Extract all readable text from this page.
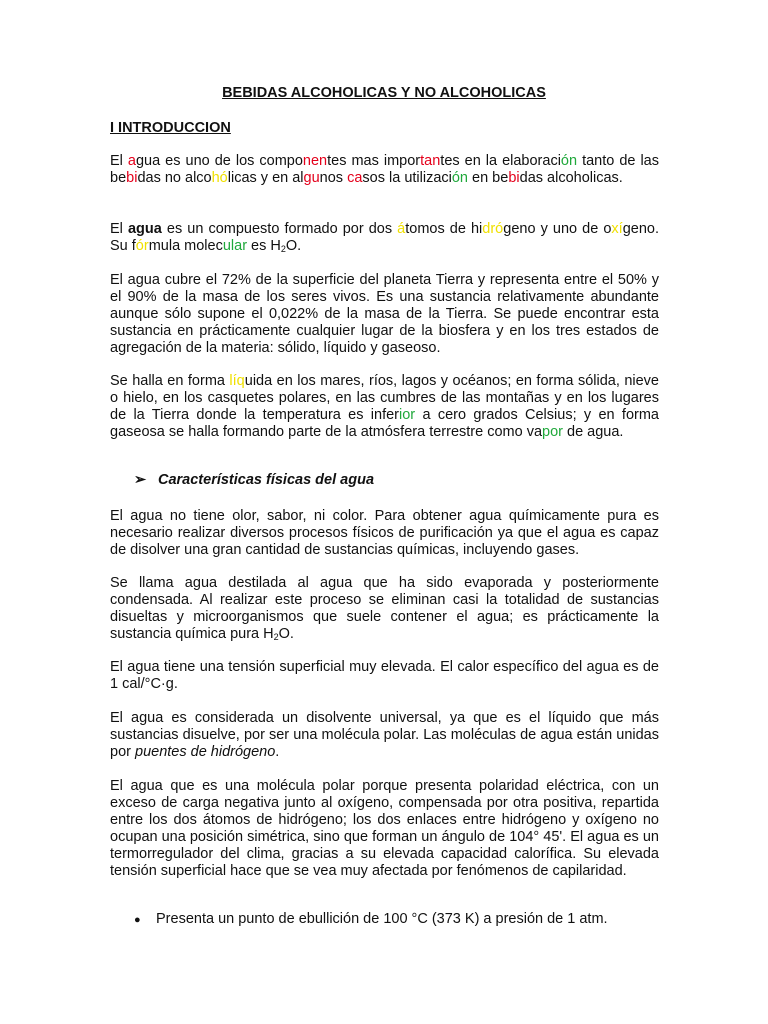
BEBIDAS ALCOHOLICAS Y NO ALCOHOLICAS
I INTRODUCCION

El agua es uno de los componentes mas importantes en la elaboración tanto de las bebidas no alcohólicas y en algunos casos la utilización en bebidas alcoholicas.

El agua es un compuesto formado por dos átomos de hidrógeno y uno de oxígeno. Su fórmula molecular es $H_2O$.

El agua cubre el 72% de la superficie del planeta Tierra y representa entre el 50% y el 90% de la masa de los seres vivos. Es una sustancia relativamente abundante aunque sólo supone el 0,022% de la masa de la Tierra. Se puede encontrar esta sustancia en prácticamente cualquier lugar de la biosfera y en los tres estados de agregación de la materia: sólido, líquido y gaseoso.

Se halla en forma líquida en los mares, ríos, lagos y océanos; en forma sólida, nieve o hielo, en los casquetes polares, en las cumbres de las montañas y en los lugares de la Tierra donde la temperatura es inferior a cero grados Celsius; y en forma gaseosa se halla formando parte de la atmósfera terrestre como vapor de agua.

➢ Características físicas del agua

El agua no tiene olor, sabor, ni color. Para obtener agua químicamente pura es necesario realizar diversos procesos físicos de purificación ya que el agua es capaz de disolver una gran cantidad de sustancias químicas, incluyendo gases.

Se llama agua destilada al agua que ha sido evaporada y posteriormente condensada. Al realizar este proceso se eliminan casi la totalidad de sustancias disueltas y microorganismos que suele contener el agua; es prácticamente la sustancia química pura $H_2O$.

El agua tiene una tensión superficial muy elevada. El calor específico del agua es de 1 cal/°C·g.

El agua es considerada un disolvente universal, ya que es el líquido que más sustancias disuelve, por ser una molécula polar. Las moléculas de agua están unidas por puentes de hidrógeno.

El agua que es una molécula polar porque presenta polaridad eléctrica, con un exceso de carga negativa junto al oxígeno, compensada por otra positiva, repartida entre los dos átomos de hidrógeno; los dos enlaces entre hidrógeno y oxígeno no ocupan una posición simétrica, sino que forman un ángulo de 104° 45'. El agua es un termorregulador del clima, gracias a su elevada capacidad calorífica. Su elevada tensión superficial hace que se vea muy afectada por fenómenos de capilaridad.

● Presenta un punto de ebullición de 100 °C (373 K) a presión de 1 atm.
